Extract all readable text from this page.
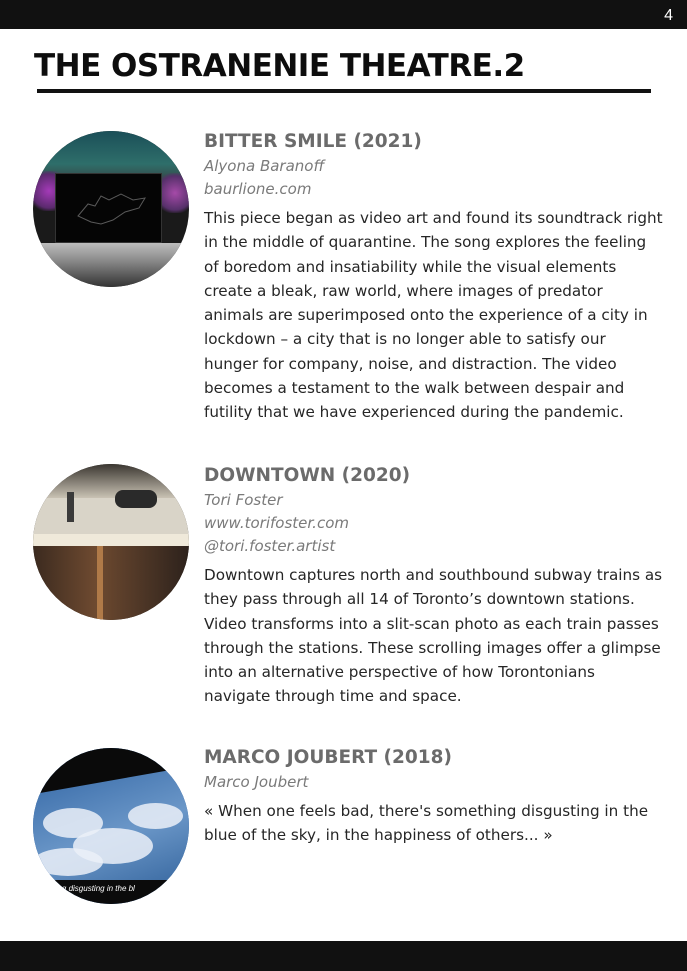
4
THE OSTRANENIE THEATRE.2
BITTER SMILE (2021)
Alyona Baranoff
baurlione.com

This piece began as video art and found its soundtrack right in the middle of quarantine. The song explores the feeling of boredom and insatiability while the visual elements create a bleak, raw world, where images of predator animals are superimposed onto the experience of a city in lockdown – a city that is no longer able to satisfy our hunger for company, noise, and distraction. The video becomes a testament to the walk between despair and futility that we have experienced during the pandemic.

DOWNTOWN (2020)
Tori Foster
www.torifoster.com
@tori.foster.artist

Downtown captures north and southbound subway trains as they pass through all 14 of Toronto’s downtown stations. Video transforms into a slit-scan photo as each train passes through the stations. These scrolling images offer a glimpse into an alternative perspective of how Torontonians navigate through time and space.

thing disgusting in the bl
MARCO JOUBERT (2018)
Marco Joubert

« When one feels bad, there's something disgusting in the blue of the sky, in the happiness of others... »
